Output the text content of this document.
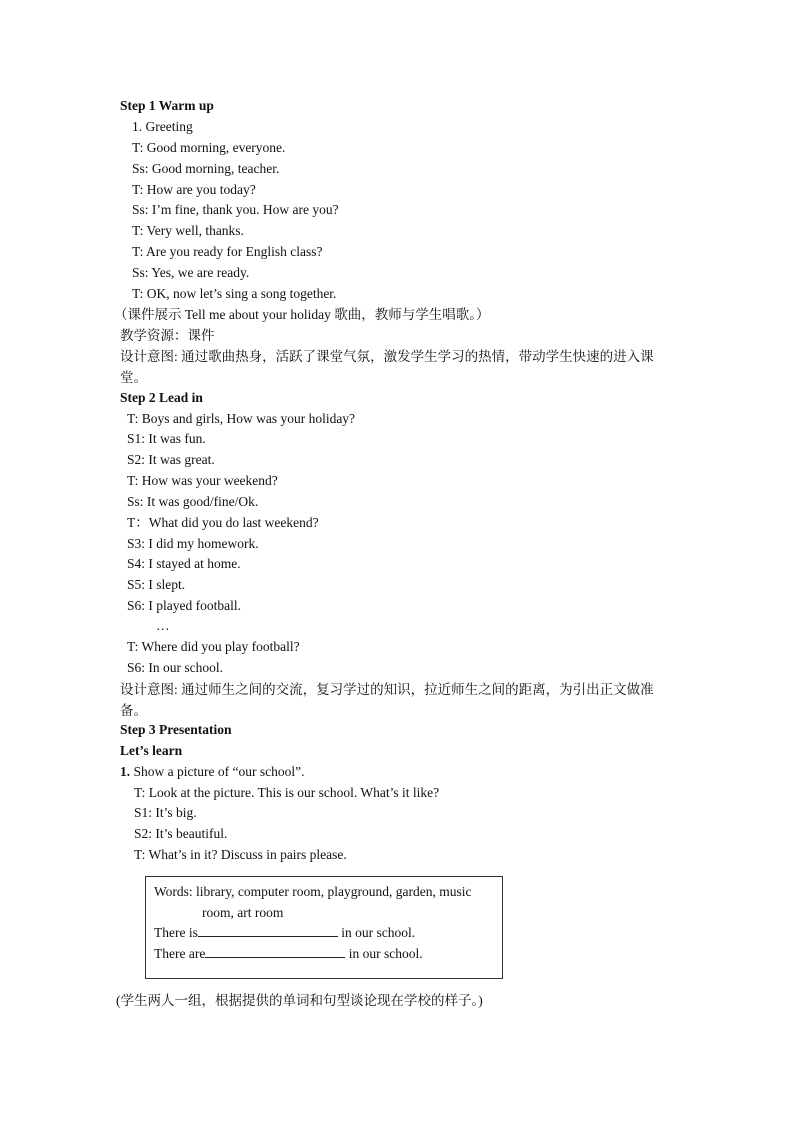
Step 1 Warm up
1. Greeting
T: Good morning, everyone.
Ss: Good morning, teacher.
T: How are you today?
Ss: I’m fine, thank you. How are you?
T: Very well, thanks.
T: Are you ready for English class?
Ss: Yes, we are ready.
T: OK, now let’s sing a song together.
（课件展示 Tell me about your holiday 歌曲，教师与学生唱歌。）
教学资源：课件
设计意图: 通过歌曲热身，活跃了课堂气氛，激发学生学习的热情，带动学生快速的进入课堂。
Step 2 Lead in
T: Boys and girls, How was your holiday?
S1: It was fun.
S2: It was great.
T: How was your weekend?
Ss: It was good/fine/Ok.
T：What did you do last weekend?
S3: I did my homework.
S4: I stayed at home.
S5: I slept.
S6: I played football.
…
T: Where did you play football?
S6: In our school.
设计意图: 通过师生之间的交流，复习学过的知识，拉近师生之间的距离，为引出正文做准备。
Step 3 Presentation
Let’s learn
1. Show a picture of “our school”.
T: Look at the picture. This is our school. What’s it like?
S1: It’s big.
S2: It’s beautiful.
T: What’s in it? Discuss in pairs please.
Words: library, computer room, playground, garden, music
room, art room
There is	in our school.
There are	in our school.
(学生两人一组，根据提供的单词和句型谈论现在学校的样子。)
